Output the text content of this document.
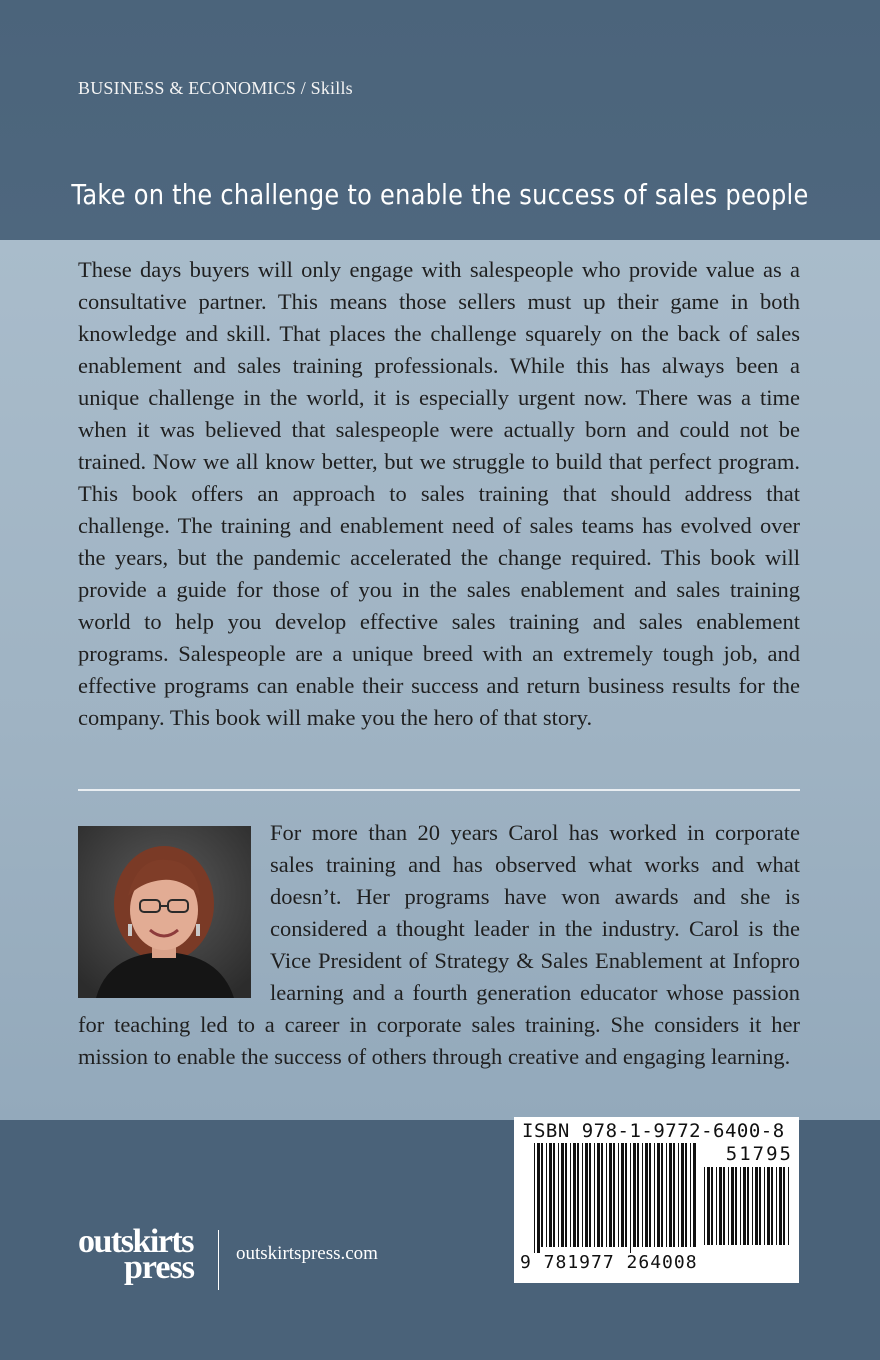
BUSINESS & ECONOMICS / Skills
Take on the challenge to enable the success of sales people

These days buyers will only engage with salespeople who provide value as a consultative partner. This means those sellers must up their game in both knowledge and skill. That places the challenge squarely on the back of sales enablement and sales training professionals. While this has always been a unique challenge in the world, it is especially urgent now. There was a time when it was believed that salespeople were actually born and could not be trained. Now we all know better, but we struggle to build that perfect program. This book offers an approach to sales training that should address that challenge. The training and enablement need of sales teams has evolved over the years, but the pandemic accelerated the change required. This book will provide a guide for those of you in the sales enablement and sales training world to help you develop effective sales training and sales enablement programs. Salespeople are a unique breed with an extremely tough job, and effective programs can enable their success and return business results for the company. This book will make you the hero of that story.

For more than 20 years Carol has worked in corporate sales training and has observed what works and what doesn’t. Her programs have won awards and she is considered a thought leader in the industry. Carol is the Vice President of Strategy & Sales Enablement at Infopro learning and a fourth generation educator whose passion for teaching led to a career in corporate sales training. She considers it her mission to enable the success of others through creative and engaging learning.

ISBN 978-1-9772-6400-8
51795
9 781977 264008
outskirts
press outskirtspress.com
